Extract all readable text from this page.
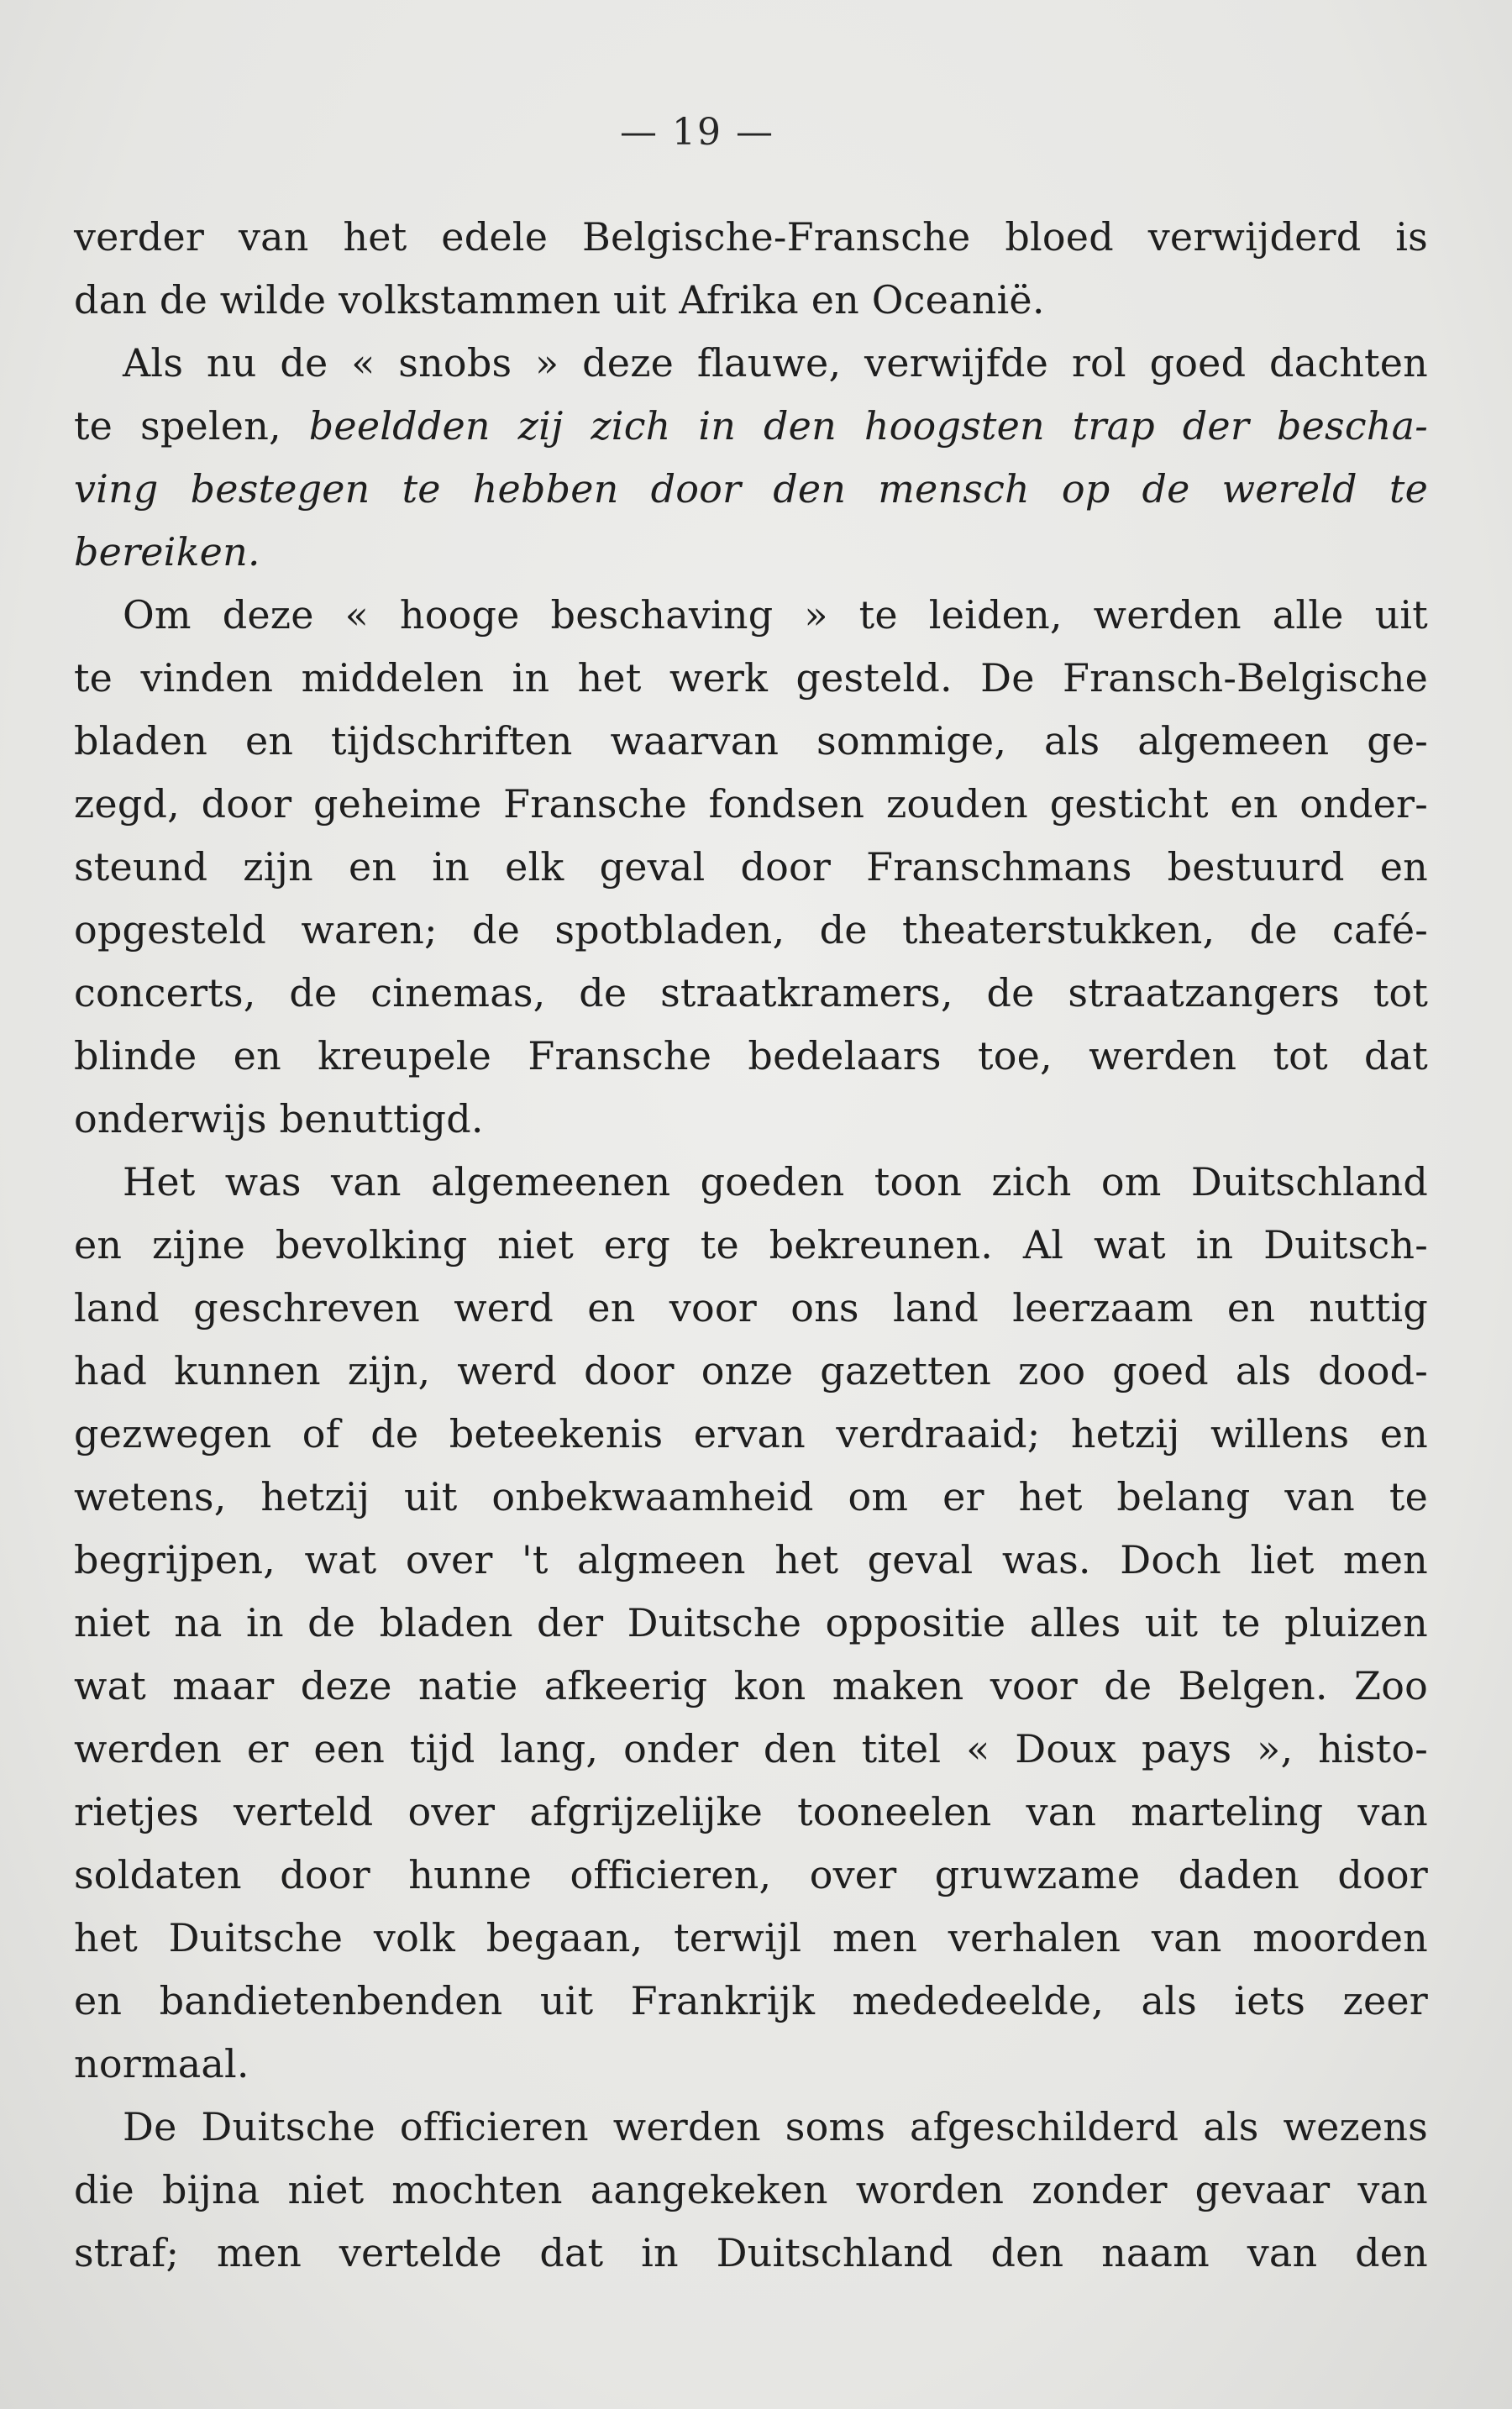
— 19 —
verder van het edele Belgische-Fransche bloed verwijderd is
dan de wilde volkstammen uit Afrika en Oceanië.
Als nu de « snobs » deze flauwe, verwijfde rol goed dachten
te spelen, beeldden zij zich in den hoogsten trap der bescha-
ving bestegen te hebben door den mensch op de wereld te
bereiken.
Om deze « hooge beschaving » te leiden, werden alle uit
te vinden middelen in het werk gesteld. De Fransch-Belgische
bladen en tijdschriften waarvan sommige, als algemeen ge-
zegd, door geheime Fransche fondsen zouden gesticht en onder-
steund zijn en in elk geval door Franschmans bestuurd en
opgesteld waren; de spotbladen, de theaterstukken, de café-
concerts, de cinemas, de straatkramers, de straatzangers tot
blinde en kreupele Fransche bedelaars toe, werden tot dat
onderwijs benuttigd.
Het was van algemeenen goeden toon zich om Duitschland
en zijne bevolking niet erg te bekreunen. Al wat in Duitsch-
land geschreven werd en voor ons land leerzaam en nuttig
had kunnen zijn, werd door onze gazetten zoo goed als dood-
gezwegen of de beteekenis ervan verdraaid; hetzij willens en
wetens, hetzij uit onbekwaamheid om er het belang van te
begrijpen, wat over 't algmeen het geval was. Doch liet men
niet na in de bladen der Duitsche oppositie alles uit te pluizen
wat maar deze natie afkeerig kon maken voor de Belgen. Zoo
werden er een tijd lang, onder den titel « Doux pays », histo-
rietjes verteld over afgrijzelijke tooneelen van marteling van
soldaten door hunne officieren, over gruwzame daden door
het Duitsche volk begaan, terwijl men verhalen van moorden
en bandietenbenden uit Frankrijk mededeelde, als iets zeer
normaal.
De Duitsche officieren werden soms afgeschilderd als wezens
die bijna niet mochten aangekeken worden zonder gevaar van
straf; men vertelde dat in Duitschland den naam van den
